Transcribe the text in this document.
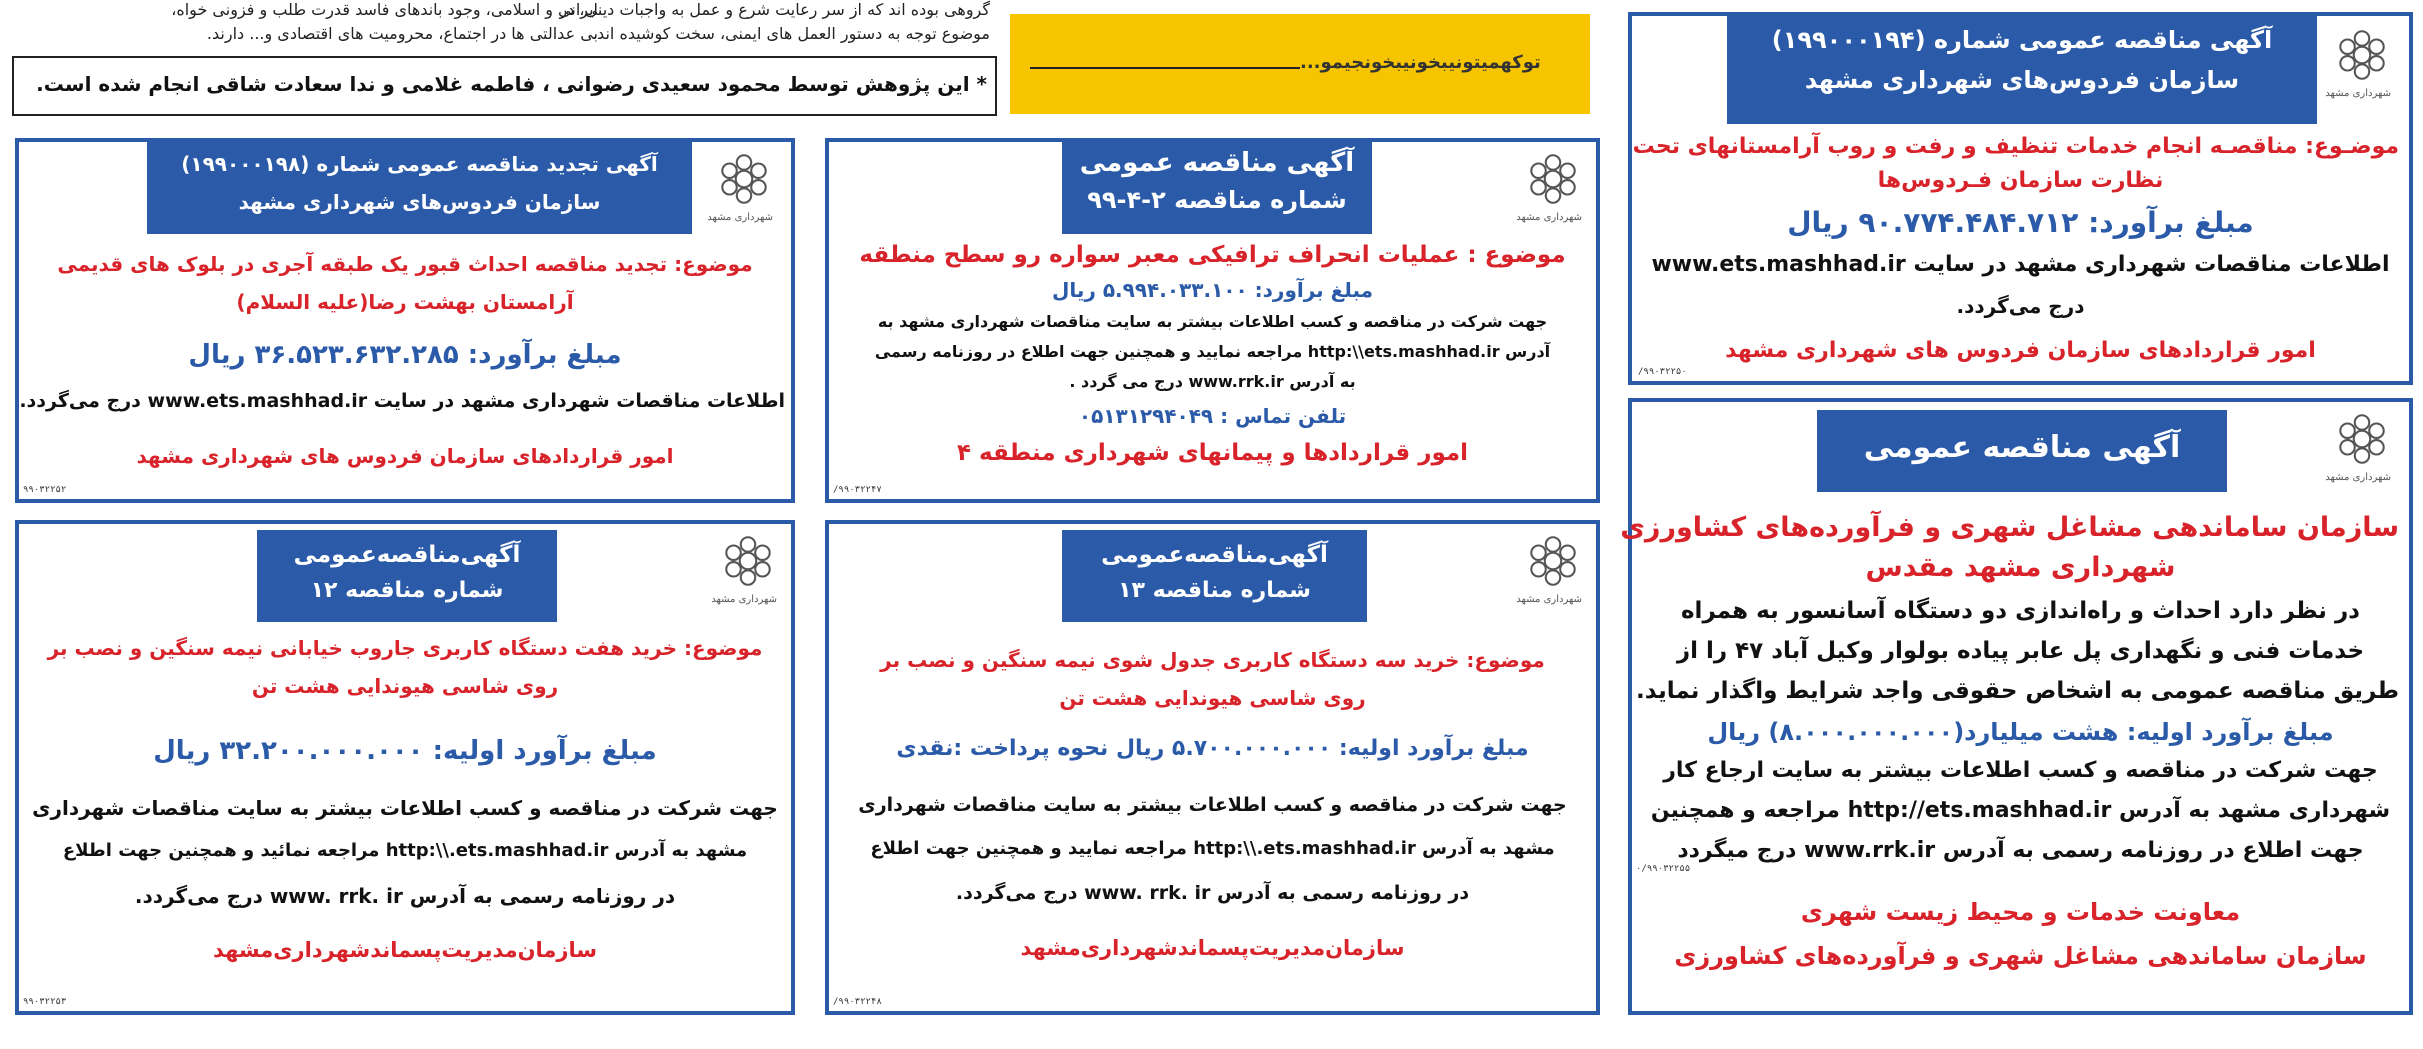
ایرانی و اسلامی، وجود باندهای فاسد قدرت طلب و فزونی خواه،
بی عدالتی ها در اجتماع، محرومیت های اقتصادی و... دارند.
گروهی بوده اند که از سر رعایت شرع و عمل به واجبات دینی، در
موضوع توجه به دستور العمل های ایمنی، سخت کوشیده اند.
* این پژوهش توسط محمود سعیدی رضوانی ، فاطمه غلامی و ندا سعادت شاقی انجام شده است.
...توکهمیتونیبخونیبخونجیمو
آگهی مناقصه عمومی شماره (۱۹۹۰۰۰۱۹۴)
سازمان فردوس‌های شهرداری مشهد	شهرداری مشهد
موضـوع: مناقصـه انجام خدمات تنظیف و رفت و روب آرامستانهای تحت
نظارت سازمان فـردوس‌ها
مبلغ برآورد: ۹۰.۷۷۴.۴۸۴.۷۱۲ ریال
اطلاعات مناقصات شهرداری مشهد در سایت www.ets.mashhad.ir
درج می‌گردد.
امور قراردادهای سازمان فردوس های شهرداری مشهد
/۹۹۰۳۲۲۵۰
آگهی مناقصه عمومی
شهرداری مشهد
سازمان ساماندهی مشاغل شهری و فرآورده‌های کشاورزی
شهرداری مشهد مقدس
در نظر دارد احداث و راه‌اندازی دو دستگاه آسانسور به همراه
خدمات فنی و نگهداری پل عابر پیاده بولوار وکیل آباد ۴۷ را از
طریق مناقصه عمومی به اشخاص حقوقی واجد شرایط واگذار نماید.
مبلغ برآورد اولیه: هشت میلیارد(۸.۰۰۰.۰۰۰.۰۰۰) ریال
جهت شرکت در مناقصه و کسب اطلاعات بیشتر به سایت ارجاع کار
شهرداری مشهد به آدرس http://ets.mashhad.ir مراجعه و همچنین
جهت اطلاع در روزنامه رسمی به آدرس www.rrk.ir درج میگردد
معاونت خدمات و محیط زیست شهری
سازمان ساماندهی مشاغل شهری و فرآورده‌های کشاورزی
۰/۹۹۰۳۲۲۵۵
آگهی مناقصه عمومی
شماره مناقصه ۲-۴-۹۹
شهرداری مشهد
موضوع : عملیات انحراف ترافیکی معبر سواره رو سطح منطقه
مبلغ برآورد: ۵.۹۹۴.۰۳۳.۱۰۰ ریال
جهت شرکت در مناقصه و کسب اطلاعات بیشتر به سایت مناقصات شهرداری مشهد به
آدرس http:\\ets.mashhad.ir مراجعه نمایید و همچنین جهت اطلاع در روزنامه رسمی
به آدرس www.rrk.ir درج می گردد .
تلفن تماس : ۰۵۱۳۱۲۹۴۰۴۹
امور قراردادها و پیمانهای شهرداری منطقه ۴
/۹۹۰۳۲۲۴۷
آگهی تجدید مناقصه عمومی شماره (۱۹۹۰۰۰۱۹۸)
سازمان فردوس‌های شهرداری مشهد
شهرداری مشهد
موضوع: تجدید مناقصه احداث قبور یک طبقه آجری در بلوک های قدیمی
آرامستان بهشت رضا(علیه السلام)
مبلغ برآورد: ۳۶.۵۲۳.۶۳۲.۲۸۵ ریال
اطلاعات مناقصات شهرداری مشهد در سایت www.ets.mashhad.ir درج می‌گردد.
امور قراردادهای سازمان فردوس های شهرداری مشهد
۹۹۰۳۲۲۵۲
آگهی‌مناقصه‌عمومی
شماره مناقصه ۱۳	شهرداری مشهد
موضوع: خرید سه دستگاه کاربری جدول شوی نیمه سنگین و نصب بر
روی شاسی هیوندایی هشت تن
مبلغ برآورد اولیه: ۵.۷۰۰.۰۰۰.۰۰۰ ریال نحوه پرداخت :نقدی
جهت شرکت در مناقصه و کسب اطلاعات بیشتر به سایت مناقصات شهرداری
مشهد به آدرس http:\\.ets.mashhad.ir مراجعه نمایید و همچنین جهت اطلاع
در روزنامه رسمی به آدرس www. rrk. ir درج می‌گردد.
سازمان‌مدیریت‌پسماندشهرداری‌مشهد
/۹۹۰۳۲۲۴۸
آگهی‌مناقصه‌عمومی
شماره مناقصه ۱۲	شهرداری مشهد
موضوع: خرید هفت دستگاه کاربری جاروب خیابانی نیمه سنگین و نصب بر
روی شاسی هیوندایی هشت تن
مبلغ برآورد اولیه: ۳۲.۲۰۰.۰۰۰.۰۰۰ ریال
جهت شرکت در مناقصه و کسب اطلاعات بیشتر به سایت مناقصات شهرداری
مشهد به آدرس http:\\.ets.mashhad.ir مراجعه نمائید و همچنین جهت اطلاع
در روزنامه رسمی به آدرس www. rrk. ir درج می‌گردد.
سازمان‌مدیریت‌پسماندشهرداری‌مشهد
۹۹۰۳۲۲۵۳
